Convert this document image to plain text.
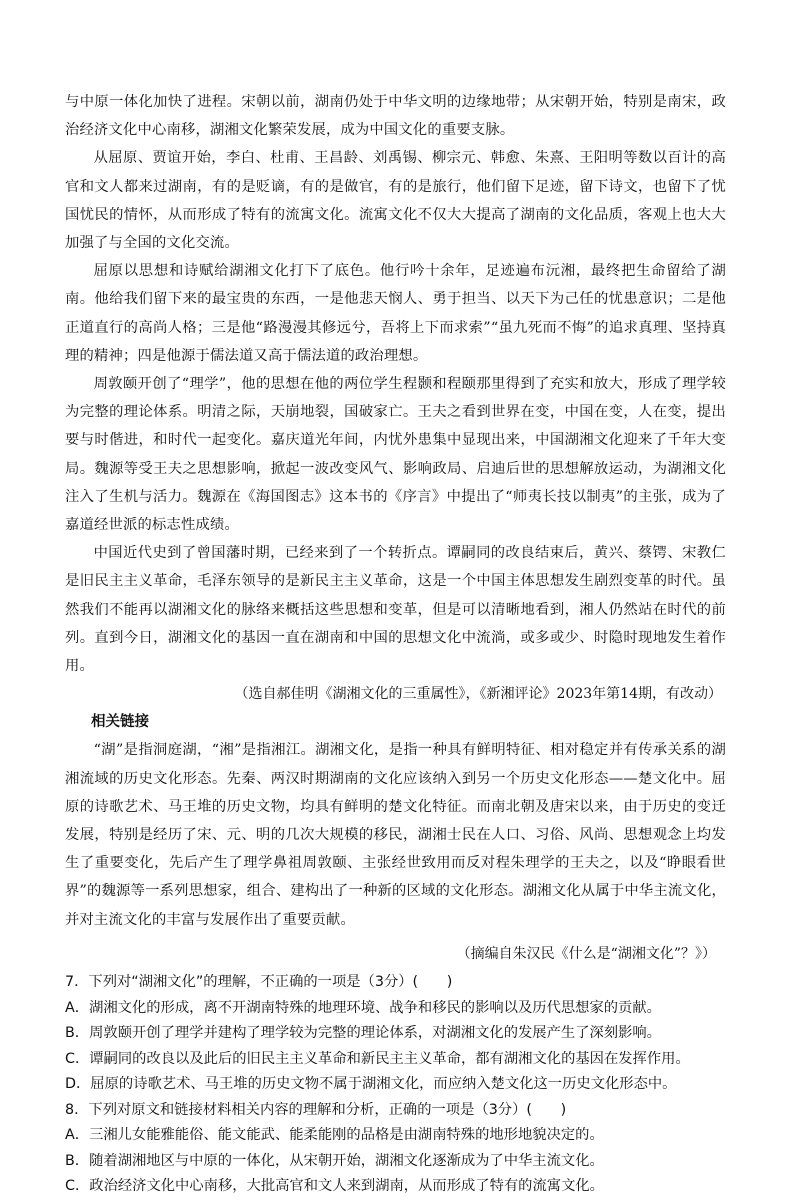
与中原一体化加快了进程。宋朝以前，湖南仍处于中华文明的边缘地带；从宋朝开始，特别是南宋，政治经济文化中心南移，湖湘文化繁荣发展，成为中国文化的重要支脉。

从屈原、贾谊开始，李白、杜甫、王昌龄、刘禹锡、柳宗元、韩愈、朱熹、王阳明等数以百计的高官和文人都来过湖南，有的是贬谪，有的是做官，有的是旅行，他们留下足迹，留下诗文，也留下了忧国忧民的情怀，从而形成了特有的流寓文化。流寓文化不仅大大提高了湖南的文化品质，客观上也大大加强了与全国的文化交流。

屈原以思想和诗赋给湖湘文化打下了底色。他行吟十余年，足迹遍布沅湘，最终把生命留给了湖南。他给我们留下来的最宝贵的东西，一是他悲天悯人、勇于担当、以天下为己任的忧患意识；二是他正道直行的高尚人格；三是他“路漫漫其修远兮，吾将上下而求索”“虽九死而不悔”的追求真理、坚持真理的精神；四是他源于儒法道又高于儒法道的政治理想。

周敦颐开创了“理学”，他的思想在他的两位学生程颢和程颐那里得到了充实和放大，形成了理学较为完整的理论体系。明清之际，天崩地裂，国破家亡。王夫之看到世界在变，中国在变，人在变，提出要与时偕进，和时代一起变化。嘉庆道光年间，内忧外患集中显现出来，中国湖湘文化迎来了千年大变局。魏源等受王夫之思想影响，掀起一波改变风气、影响政局、启迪后世的思想解放运动，为湖湘文化注入了生机与活力。魏源在《海国图志》这本书的《序言》中提出了“师夷长技以制夷”的主张，成为了嘉道经世派的标志性成绩。

中国近代史到了曾国藩时期，已经来到了一个转折点。谭嗣同的改良结束后，黄兴、蔡锷、宋教仁是旧民主主义革命，毛泽东领导的是新民主主义革命，这是一个中国主体思想发生剧烈变革的时代。虽然我们不能再以湖湘文化的脉络来概括这些思想和变革，但是可以清晰地看到，湘人仍然站在时代的前列。直到今日，湖湘文化的基因一直在湖南和中国的思想文化中流淌，或多或少、时隐时现地发生着作用。

（选自郝佳明《湖湘文化的三重属性》，《新湘评论》2023年第14期，有改动）
相关链接

“湖”是指洞庭湖，“湘”是指湘江。湖湘文化，是指一种具有鲜明特征、相对稳定并有传承关系的湖湘流域的历史文化形态。先秦、两汉时期湖南的文化应该纳入到另一个历史文化形态——楚文化中。屈原的诗歌艺术、马王堆的历史文物，均具有鲜明的楚文化特征。而南北朝及唐宋以来，由于历史的变迁发展，特别是经历了宋、元、明的几次大规模的移民，湖湘士民在人口、习俗、风尚、思想观念上均发生了重要变化，先后产生了理学鼻祖周敦颐、主张经世致用而反对程朱理学的王夫之，以及“睁眼看世界”的魏源等一系列思想家，组合、建构出了一种新的区域的文化形态。湖湘文化从属于中华主流文化，并对主流文化的丰富与发展作出了重要贡献。

（摘编自朱汉民《什么是“湖湘文化”？》）

7．下列对“湖湘文化”的理解，不正确的一项是（3分）(　　)

A．湖湘文化的形成，离不开湖南特殊的地理环境、战争和移民的影响以及历代思想家的贡献。

B．周敦颐开创了理学并建构了理学较为完整的理论体系，对湖湘文化的发展产生了深刻影响。

C．谭嗣同的改良以及此后的旧民主主义革命和新民主主义革命，都有湖湘文化的基因在发挥作用。

D．屈原的诗歌艺术、马王堆的历史文物不属于湖湘文化，而应纳入楚文化这一历史文化形态中。

8．下列对原文和链接材料相关内容的理解和分析，正确的一项是（3分）(　　)

A．三湘儿女能雅能俗、能文能武、能柔能刚的品格是由湖南特殊的地形地貌决定的。

B．随着湖湘地区与中原的一体化，从宋朝开始，湖湘文化逐渐成为了中华主流文化。

C．政治经济文化中心南移，大批高官和文人来到湖南，从而形成了特有的流寓文化。
